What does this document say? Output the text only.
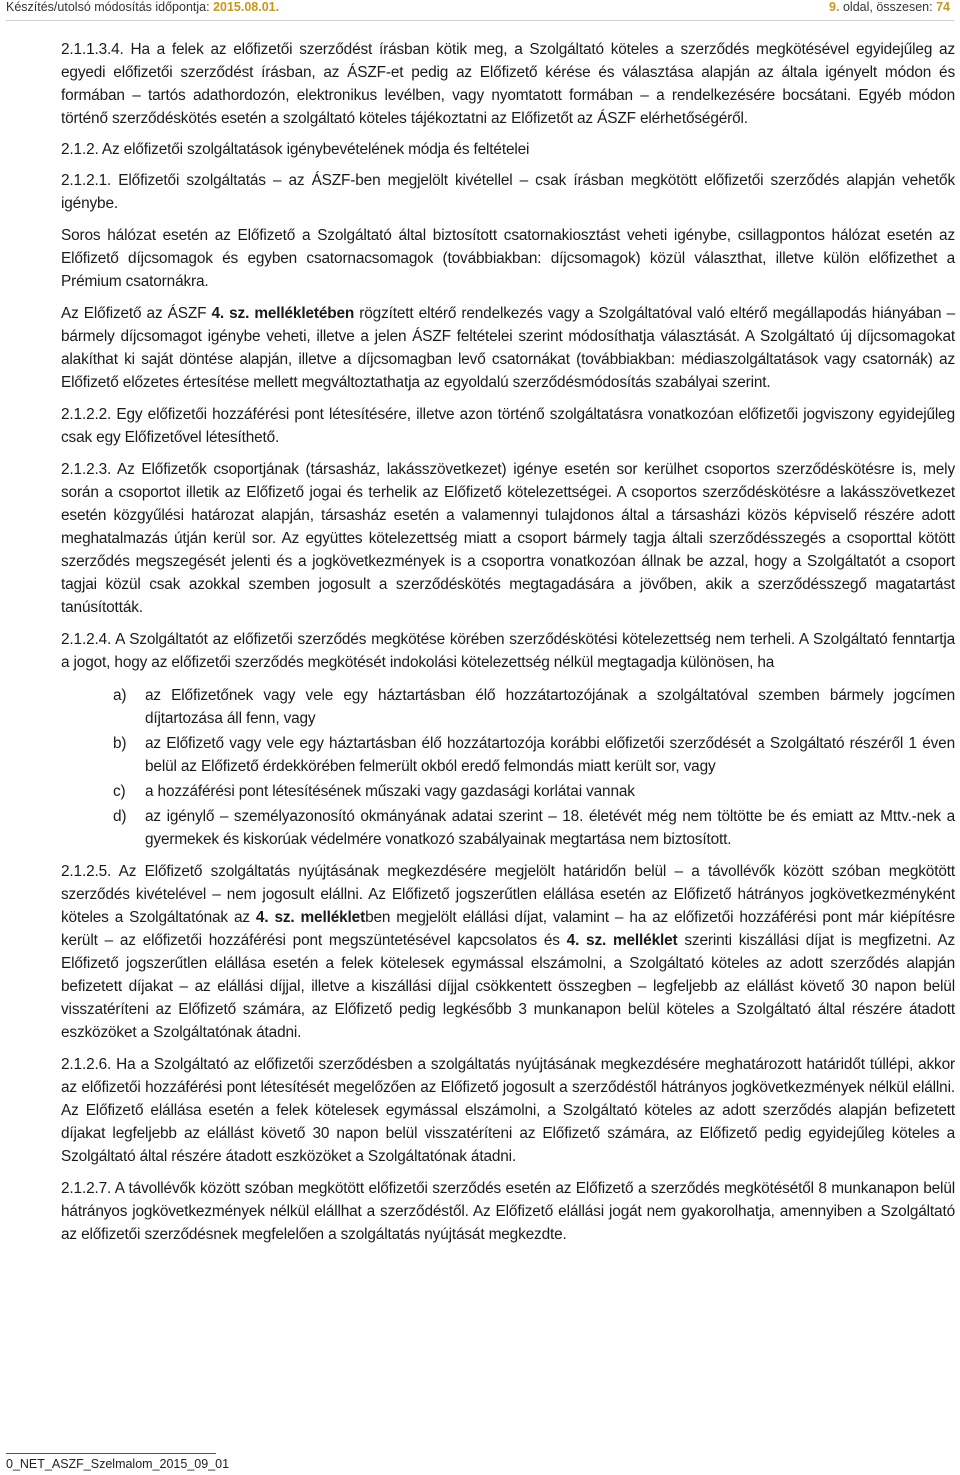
Készítés/utolsó módosítás időpontja: 2015.08.01.	9. oldal, összesen: 74

2.1.1.3.4. Ha a felek az előfizetői szerződést írásban kötik meg, a Szolgáltató köteles a szerződés megkötésével egyidejűleg az egyedi előfizetői szerződést írásban, az ÁSZF-et pedig az Előfizető kérése és választása alapján az általa igényelt módon és formában – tartós adathordozón, elektronikus levélben, vagy nyomtatott formában – a rendelkezésére bocsátani. Egyéb módon történő szerződéskötés esetén a szolgáltató köteles tájékoztatni az Előfizetőt az ÁSZF elérhetőségéről.

2.1.2. Az előfizetői szolgáltatások igénybevételének módja és feltételei

2.1.2.1. Előfizetői szolgáltatás – az ÁSZF-ben megjelölt kivétellel – csak írásban megkötött előfizetői szerződés alapján vehetők igénybe.

Soros hálózat esetén az Előfizető a Szolgáltató által biztosított csatornakiosztást veheti igénybe, csillagpontos hálózat esetén az Előfizető díjcsomagok és egyben csatornacsomagok (továbbiakban: díjcsomagok) közül választhat, illetve külön előfizethet a Prémium csatornákra.

Az Előfizető az ÁSZF 4. sz. mellékletében rögzített eltérő rendelkezés vagy a Szolgáltatóval való eltérő megállapodás hiányában – bármely díjcsomagot igénybe veheti, illetve a jelen ÁSZF feltételei szerint módosíthatja választását. A Szolgáltató új díjcsomagokat alakíthat ki saját döntése alapján, illetve a díjcsomagban levő csatornákat (továbbiakban: médiaszolgáltatások vagy csatornák) az Előfizető előzetes értesítése mellett megváltoztathatja az egyoldalú szerződésmódosítás szabályai szerint.

2.1.2.2. Egy előfizetői hozzáférési pont létesítésére, illetve azon történő szolgáltatásra vonatkozóan előfizetői jogviszony egyidejűleg csak egy Előfizetővel létesíthető.

2.1.2.3. Az Előfizetők csoportjának (társasház, lakásszövetkezet) igénye esetén sor kerülhet csoportos szerződéskötésre is, mely során a csoportot illetik az Előfizető jogai és terhelik az Előfizető kötelezettségei. A csoportos szerződéskötésre a lakásszövetkezet esetén közgyűlési határozat alapján, társasház esetén a valamennyi tulajdonos által a társasházi közös képviselő részére adott meghatalmazás útján kerül sor. Az együttes kötelezettség miatt a csoport bármely tagja általi szerződésszegés a csoporttal kötött szerződés megszegését jelenti és a jogkövetkezmények is a csoportra vonatkozóan állnak be azzal, hogy a Szolgáltatót a csoport tagjai közül csak azokkal szemben jogosult a szerződéskötés megtagadására a jövőben, akik a szerződésszegő magatartást tanúsították.

2.1.2.4. A Szolgáltatót az előfizetői szerződés megkötése körében szerződéskötési kötelezettség nem terheli. A Szolgáltató fenntartja a jogot, hogy az előfizetői szerződés megkötését indokolási kötelezettség nélkül megtagadja különösen, ha

a) az Előfizetőnek vagy vele egy háztartásban élő hozzátartozójának a szolgáltatóval szemben bármely jogcímen díjtartozása áll fenn, vagy
b) az Előfizető vagy vele egy háztartásban élő hozzátartozója korábbi előfizetői szerződését a Szolgáltató részéről 1 éven belül az Előfizető érdekkörében felmerült okból eredő felmondás miatt került sor, vagy
c) a hozzáférési pont létesítésének műszaki vagy gazdasági korlátai vannak
d) az igénylő – személyazonosító okmányának adatai szerint – 18. életévét még nem töltötte be és emiatt az Mttv.-nek a gyermekek és kiskorúak védelmére vonatkozó szabályainak megtartása nem biztosított.

2.1.2.5. Az Előfizető szolgáltatás nyújtásának megkezdésére megjelölt határidőn belül – a távollévők között szóban megkötött szerződés kivételével – nem jogosult elállni. Az Előfizető jogszerűtlen elállása esetén az Előfizető hátrányos jogkövetkezményként köteles a Szolgáltatónak az 4. sz. mellékletben megjelölt elállási díjat, valamint – ha az előfizetői hozzáférési pont már kiépítésre került – az előfizetői hozzáférési pont megszüntetésével kapcsolatos és 4. sz. melléklet szerinti kiszállási díjat is megfizetni. Az Előfizető jogszerűtlen elállása esetén a felek kötelesek egymással elszámolni, a Szolgáltató köteles az adott szerződés alapján befizetett díjakat – az elállási díjjal, illetve a kiszállási díjjal csökkentett összegben – legfeljebb az elállást követő 30 napon belül visszatéríteni az Előfizető számára, az Előfizető pedig legkésőbb 3 munkanapon belül köteles a Szolgáltató által részére átadott eszközöket a Szolgáltatónak átadni.

2.1.2.6. Ha a Szolgáltató az előfizetői szerződésben a szolgáltatás nyújtásának megkezdésére meghatározott határidőt túllépi, akkor az előfizetői hozzáférési pont létesítését megelőzően az Előfizető jogosult a szerződéstől hátrányos jogkövetkezmények nélkül elállni. Az Előfizető elállása esetén a felek kötelesek egymással elszámolni, a Szolgáltató köteles az adott szerződés alapján befizetett díjakat legfeljebb az elállást követő 30 napon belül visszatéríteni az Előfizető számára, az Előfizető pedig egyidejűleg köteles a Szolgáltató által részére átadott eszközöket a Szolgáltatónak átadni.

2.1.2.7. A távollévők között szóban megkötött előfizetői szerződés esetén az Előfizető a szerződés megkötésétől 8 munkanapon belül hátrányos jogkövetkezmények nélkül elállhat a szerződéstől. Az Előfizető elállási jogát nem gyakorolhatja, amennyiben a Szolgáltató az előfizetői szerződésnek megfelelően a szolgáltatás nyújtását megkezdte.

0_NET_ASZF_Szelmalom_2015_09_01
